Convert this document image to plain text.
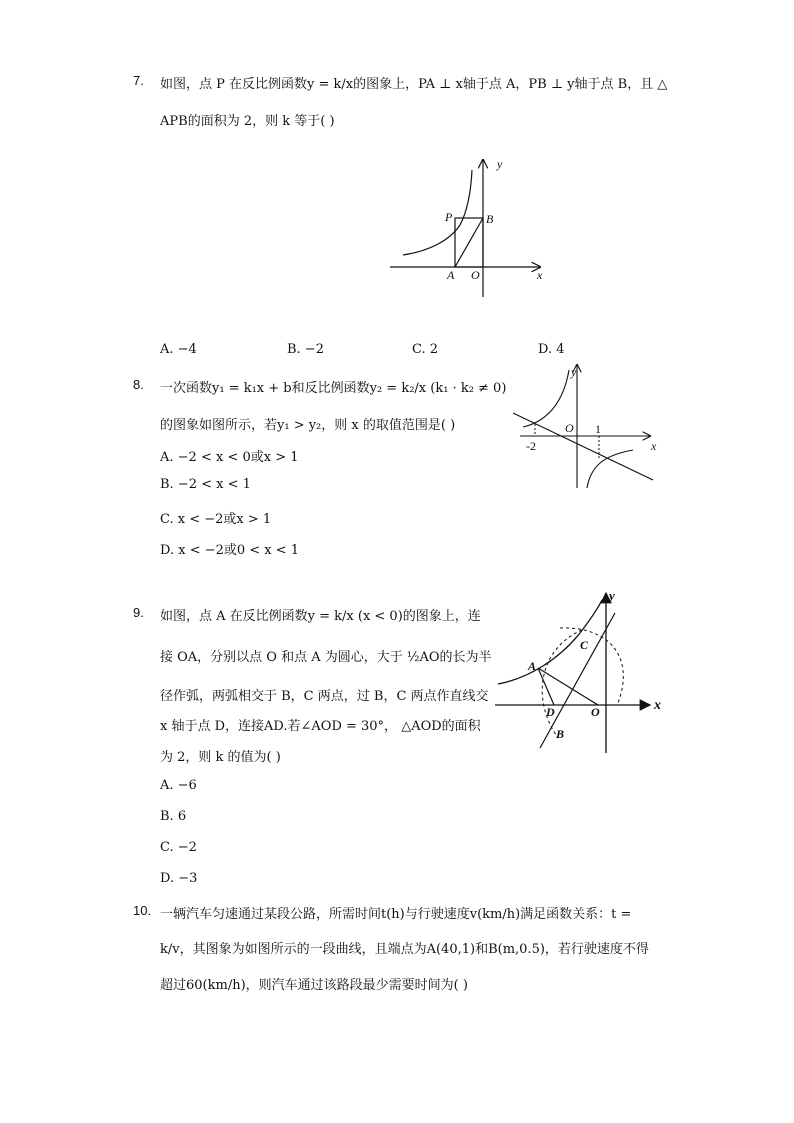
7. 如图，点 P 在反比例函数y = k/x的图象上，PA ⊥ x轴于点 A，PB ⊥ y轴于点 B，且 △
APB的面积为 2，则 k 等于( )
y
P	B
A O	x
A. −4	B. −2	C. 2	D. 4
8. 一次函数y₁ = k₁x + b和反比例函数y₂ = k₂/x (k₁ · k₂ ≠ 0)
的图象如图所示，若y₁ > y₂，则 x 的取值范围是( )
A. −2 < x < 0或x > 1
B. −2 < x < 1
C. x < −2或x > 1
D. x < −2或0 < x < 1
y
O 1
-2	x
9. 如图，点 A 在反比例函数y = k/x (x < 0)的图象上，连
接 OA，分别以点 O 和点 A 为圆心，大于 ½AO的长为半
径作弧，两弧相交于 B，C 两点，过 B，C 两点作直线交
x 轴于点 D，连接AD.若∠AOD = 30°， △AOD的面积
为 2，则 k 的值为( )
A. −6
B. 6
C. −2
D. −3
x
y
A
C
D	O
B
10. 一辆汽车匀速通过某段公路，所需时间t(h)与行驶速度v(km/h)满足函数关系：t =
k/v，其图象为如图所示的一段曲线，且端点为A(40,1)和B(m,0.5)，若行驶速度不得
超过60(km/h)，则汽车通过该路段最少需要时间为( )
